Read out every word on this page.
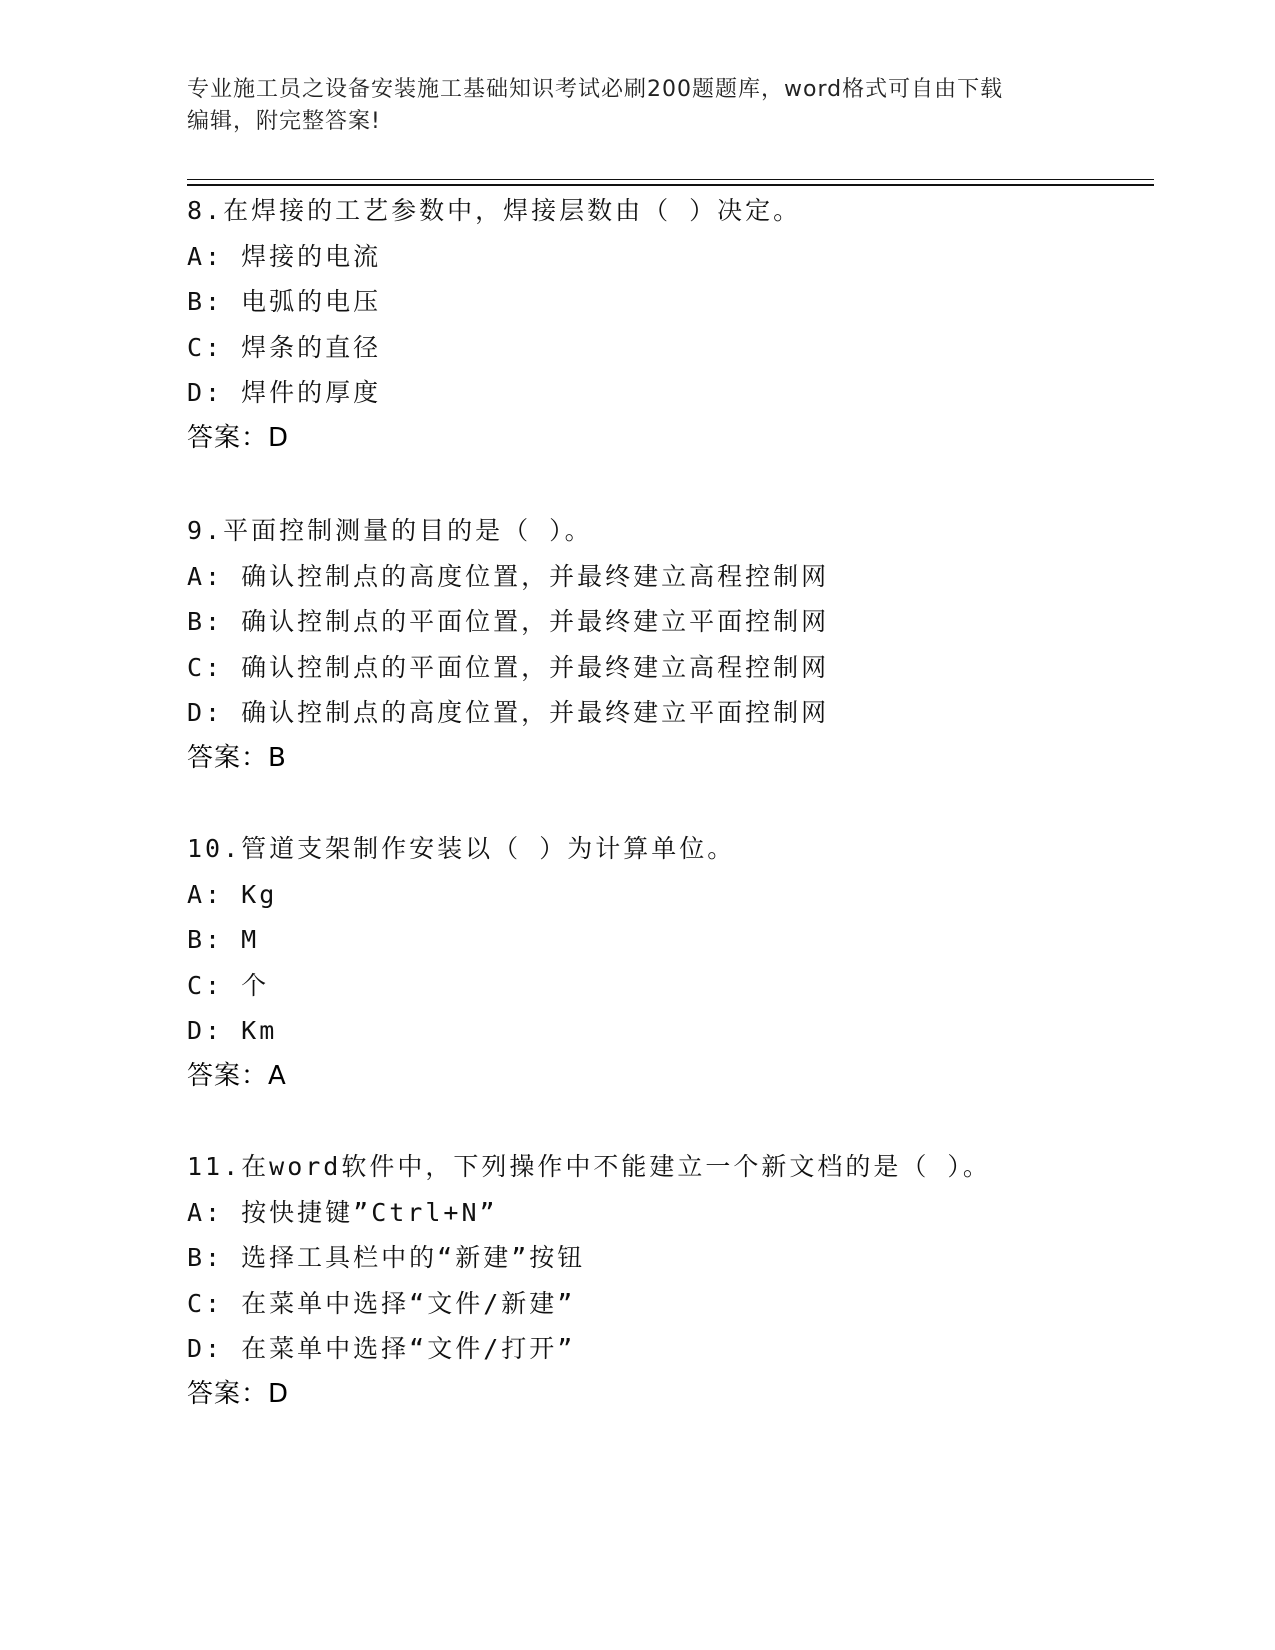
专业施工员之设备安装施工基础知识考试必刷200题题库，word格式可自由下载
编辑，附完整答案!
8.在焊接的工艺参数中，焊接层数由（ ）决定。
A: 焊接的电流
B: 电弧的电压
C: 焊条的直径
D: 焊件的厚度
答案：D
9.平面控制测量的目的是（ ）。
A: 确认控制点的高度位置，并最终建立高程控制网
B: 确认控制点的平面位置，并最终建立平面控制网
C: 确认控制点的平面位置，并最终建立高程控制网
D: 确认控制点的高度位置，并最终建立平面控制网
答案：B
10.管道支架制作安装以（ ）为计算单位。
A: Kg
B: M
C: 个
D: Km
答案：A
11.在word软件中，下列操作中不能建立一个新文档的是（ ）。
A: 按快捷键”Ctrl+N”
B: 选择工具栏中的“新建”按钮
C: 在菜单中选择“文件/新建”
D: 在菜单中选择“文件/打开”
答案：D
